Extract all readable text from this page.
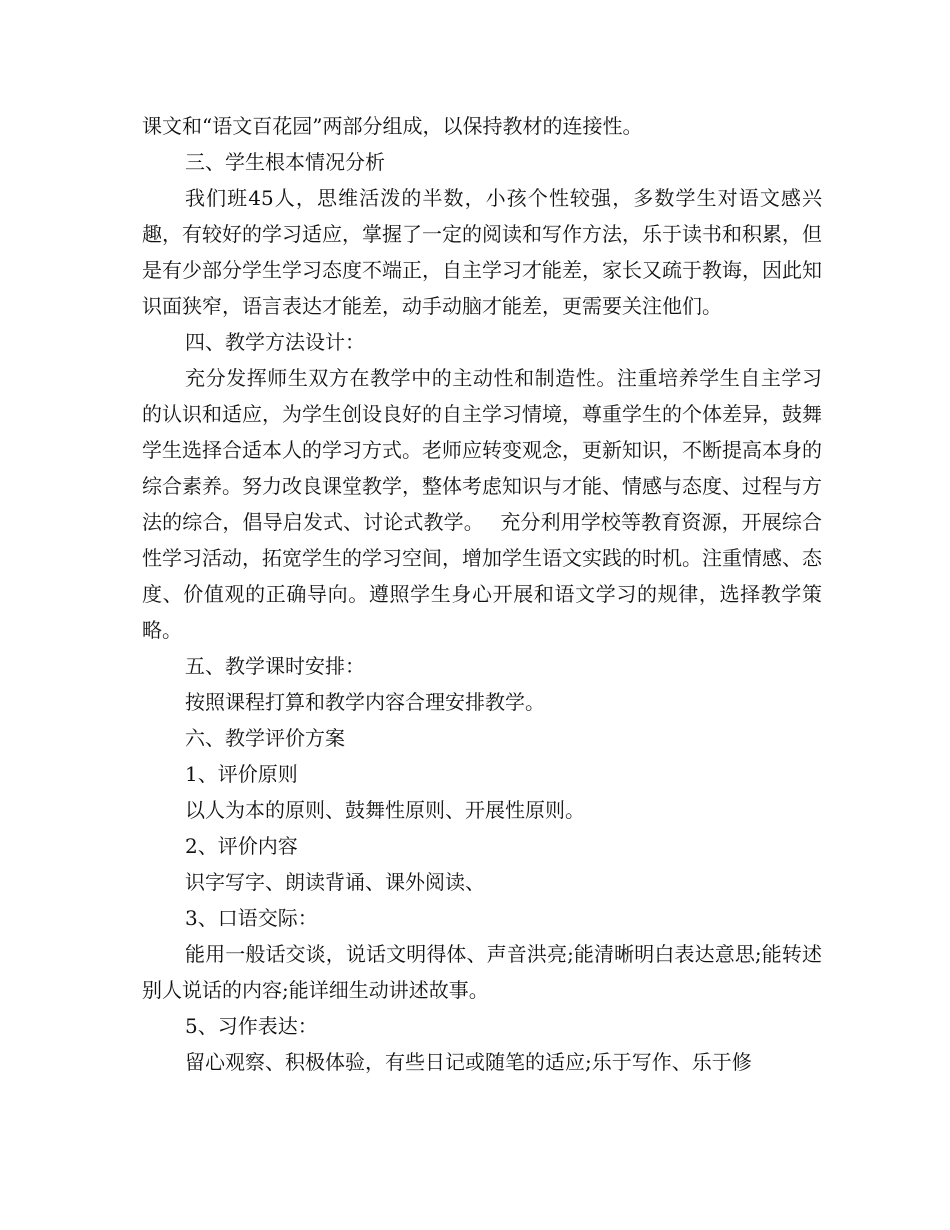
课文和“语文百花园”两部分组成，以保持教材的连接性。

三、学生根本情况分析

我们班45人，思维活泼的半数，小孩个性较强，多数学生对语文感兴趣，有较好的学习适应，掌握了一定的阅读和写作方法，乐于读书和积累，但是有少部分学生学习态度不端正，自主学习才能差，家长又疏于教诲，因此知识面狭窄，语言表达才能差，动手动脑才能差，更需要关注他们。

四、教学方法设计：

充分发挥师生双方在教学中的主动性和制造性。注重培养学生自主学习的认识和适应，为学生创设良好的自主学习情境，尊重学生的个体差异，鼓舞学生选择合适本人的学习方式。老师应转变观念，更新知识，不断提高本身的综合素养。努力改良课堂教学，整体考虑知识与才能、情感与态度、过程与方法的综合，倡导启发式、讨论式教学。　 充分利用学校等教育资源，开展综合性学习活动，拓宽学生的学习空间，增加学生语文实践的时机。注重情感、态度、价值观的正确导向。遵照学生身心开展和语文学习的规律，选择教学策略。

五、教学课时安排：

按照课程打算和教学内容合理安排教学。

六、教学评价方案

1、评价原则

以人为本的原则、鼓舞性原则、开展性原则。

2、评价内容

识字写字、朗读背诵、课外阅读、

3、口语交际：

能用一般话交谈，说话文明得体、声音洪亮;能清晰明白表达意思;能转述别人说话的内容;能详细生动讲述故事。

5、习作表达：

留心观察、积极体验，有些日记或随笔的适应;乐于写作、乐于修
